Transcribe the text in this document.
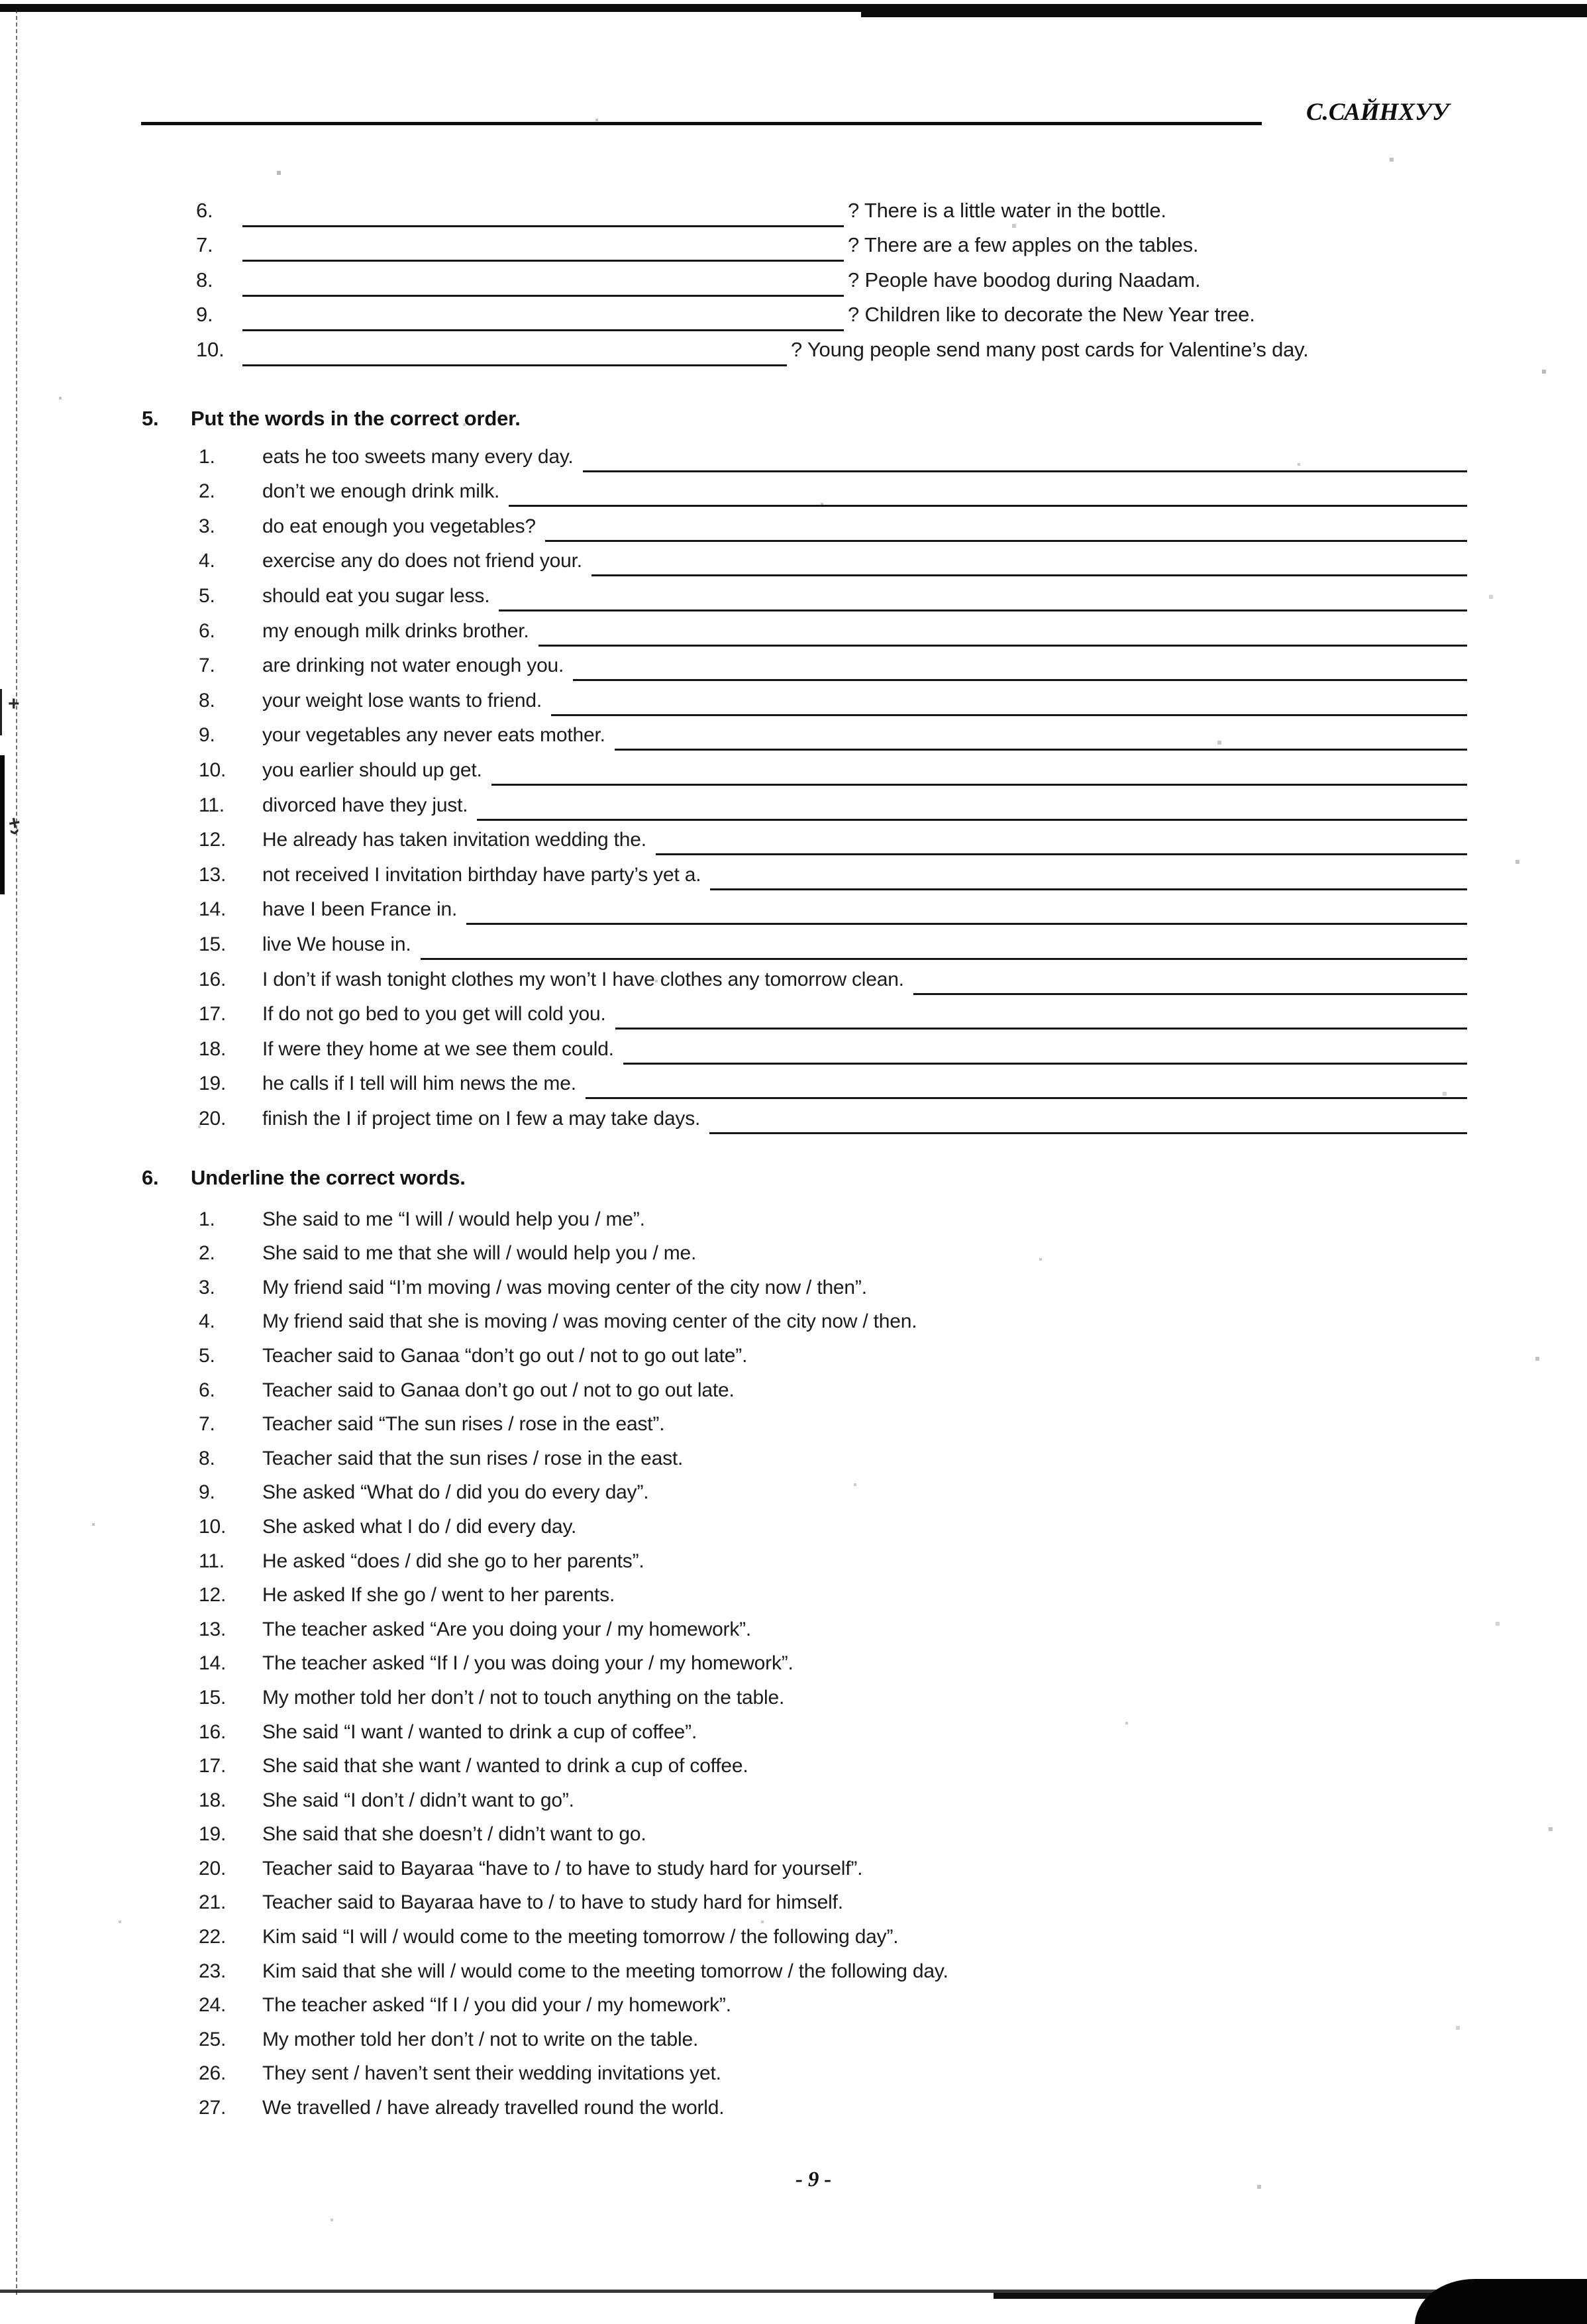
+
+›
С.САЙНХУУ
6.	? There is a little water in the bottle.
7.	? There are a few apples on the tables.
8.	? People have boodog during Naadam.
9.	? Children like to decorate the New Year tree.
10.	? Young people send many post cards for Valentine’s day.
5.	Put the words in the correct order.
1.	eats he too sweets many every day.
2.	don’t we enough drink milk.
3.	do eat enough you vegetables?
4.	exercise any do does not friend your.
5.	should eat you sugar less.
6.	my enough milk drinks brother.
7.	are drinking not water enough you.
8.	your weight lose wants to friend.
9.	your vegetables any never eats mother.
10.	you earlier should up get.
11.	divorced have they just.
12.	He already has taken invitation wedding the.
13.	not received I invitation birthday have party’s yet a.
14.	have I been France in.
15.	live We house in.
16.	I don’t if wash tonight clothes my won’t I have clothes any tomorrow clean.
17.	If do not go bed to you get will cold you.
18.	If were they home at we see them could.
19.	he calls if I tell will him news the me.
20.	finish the I if project time on I few a may take days.
6.	Underline the correct words.
1.	She said to me “I will / would help you / me”.
2.	She said to me that she will / would help you / me.
3.	My friend said “I’m moving / was moving center of the city now / then”.
4.	My friend said that she is moving / was moving center of the city now / then.
5.	Teacher said to Ganaa “don’t go out / not to go out late”.
6.	Teacher said to Ganaa don’t go out / not to go out late.
7.	Teacher said “The sun rises / rose in the east”.
8.	Teacher said that the sun rises / rose in the east.
9.	She asked “What do / did you do every day”.
10.	She asked what I do / did every day.
11.	He asked “does / did she go to her parents”.
12.	He asked If she go / went to her parents.
13.	The teacher asked “Are you doing your / my homework”.
14.	The teacher asked “If I / you was doing your / my homework”.
15.	My mother told her don’t / not to touch anything on the table.
16.	She said “I want / wanted to drink a cup of coffee”.
17.	She said that she want / wanted to drink a cup of coffee.
18.	She said “I don’t / didn’t want to go”.
19.	She said that she doesn’t / didn’t want to go.
20.	Teacher said to Bayaraa “have to / to have to study hard for yourself”.
21.	Teacher said to Bayaraa have to / to have to study hard for himself.
22.	Kim said “I will / would come to the meeting tomorrow / the following day”.
23.	Kim said that she will / would come to the meeting tomorrow / the following day.
24.	The teacher asked “If I / you did your / my homework”.
25.	My mother told her don’t / not to write on the table.
26.	They sent / haven’t sent their wedding invitations yet.
27.	We travelled / have already travelled round the world.
- 9 -
